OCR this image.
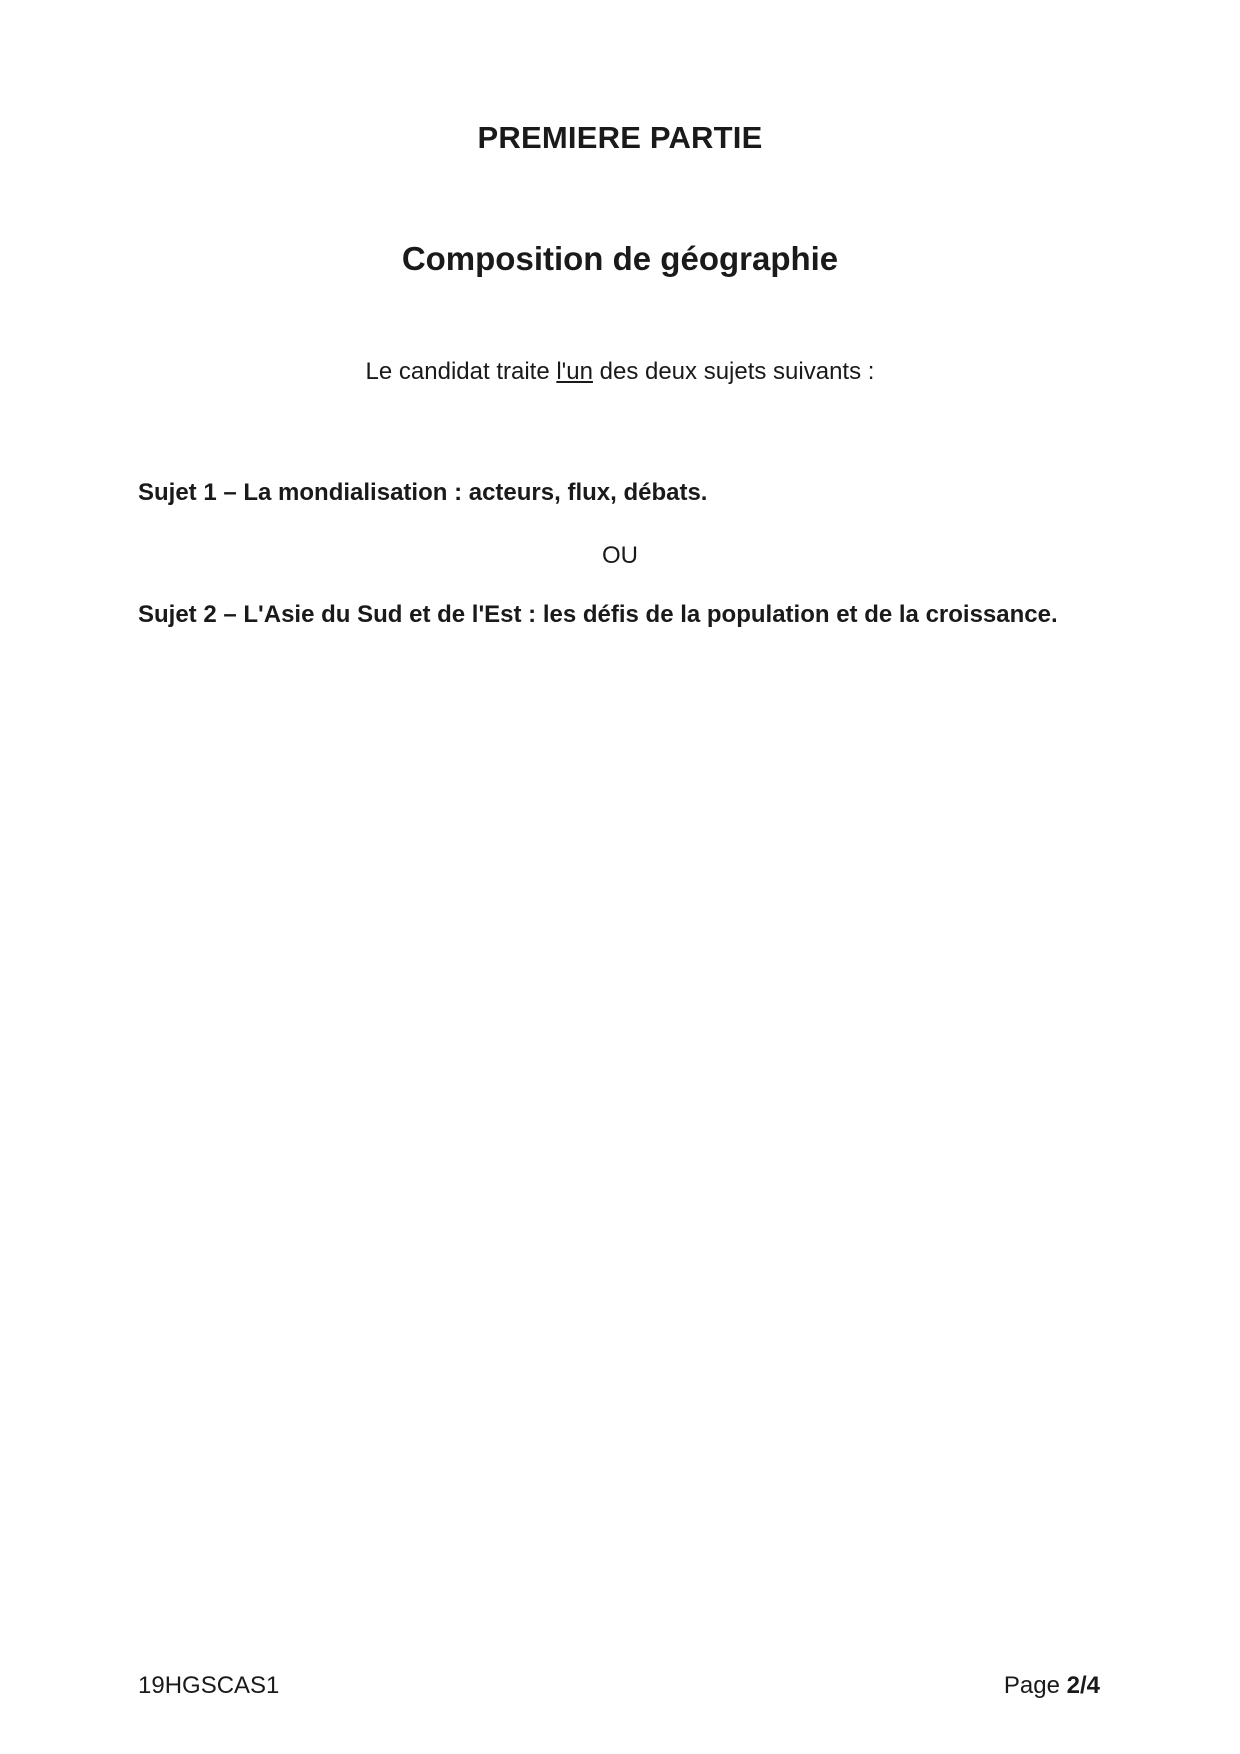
PREMIERE PARTIE
Composition de géographie
Le candidat traite l'un des deux sujets suivants :
Sujet 1 – La mondialisation : acteurs, flux, débats.
OU
Sujet 2 – L'Asie du Sud et de l'Est : les défis de la population et de la croissance.
19HGSCAS1	Page 2/4
